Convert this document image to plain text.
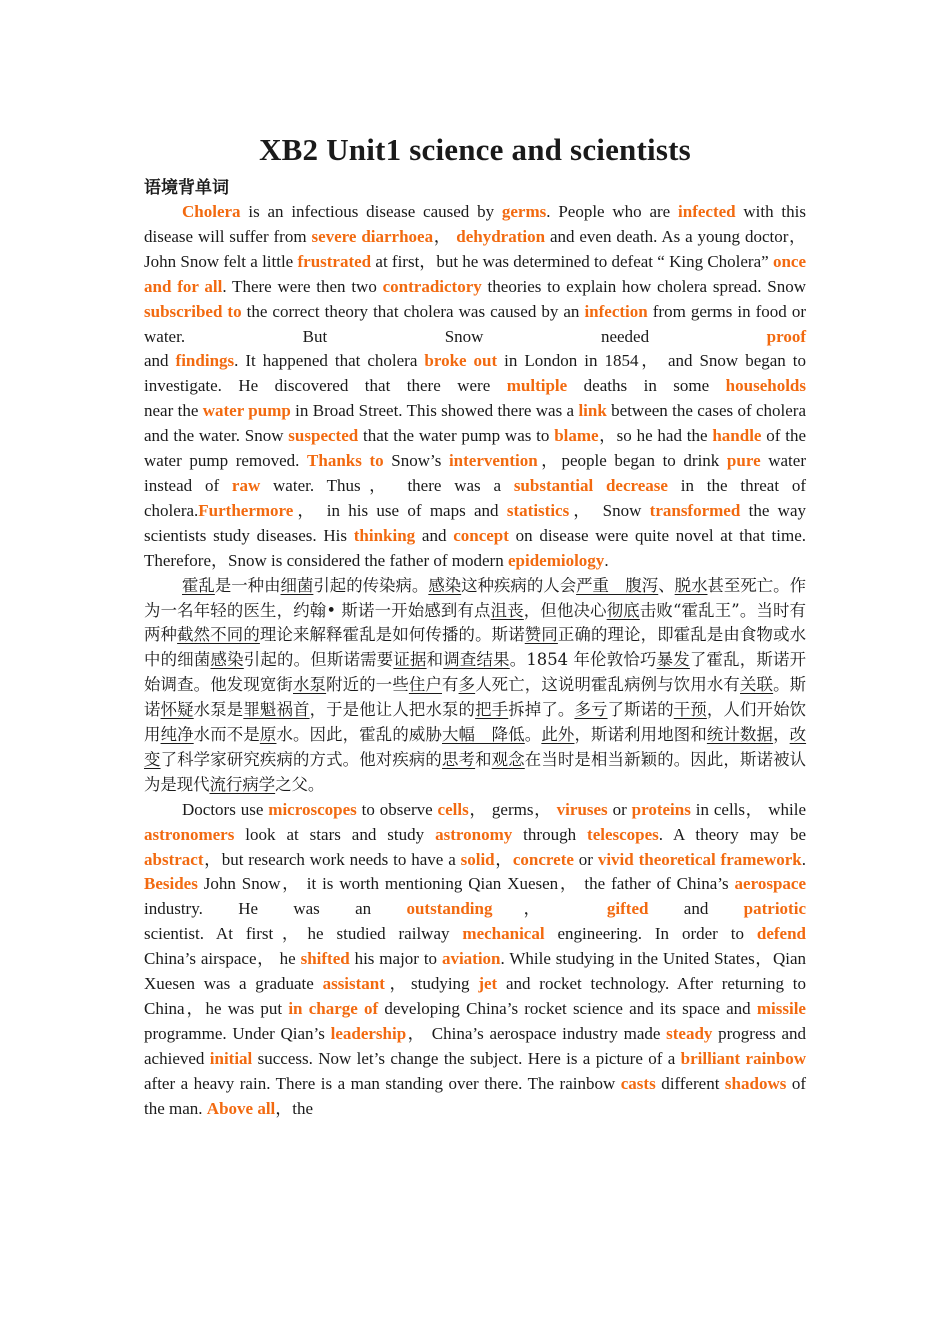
XB2 Unit1 science and scientists

语境背单词

Cholera is an infectious disease caused by germs. People who are infected with this disease will suffer from severe diarrhoea， dehydration and even death. As a young doctor，John Snow felt a little frustrated at first，but he was determined to defeat “ King Cholera” once and for all. There were then two contradictory theories to explain how cholera spread. Snow subscribed to the correct theory that cholera was caused by an infection from germs in food or water. But Snow needed proof

and findings. It happened that cholera broke out in London in 1854， and Snow began to investigate. He discovered that there were multiple deaths in some households

near the water pump in Broad Street. This showed there was a link between the cases of cholera and the water. Snow suspected that the water pump was to blame，so he had the handle of the water pump removed. Thanks to Snow’s intervention，people began to drink pure water instead of raw water. Thus， there was a substantial decrease in the threat of cholera.Furthermore， in his use of maps and statistics， Snow transformed the way scientists study diseases. His thinking and concept on disease were quite novel at that time. Therefore，Snow is considered the father of modern epidemiology.

霍乱是一种由细菌引起的传染病。感染这种疾病的人会严重　腹泻、脱水甚至死亡。作为一名年轻的医生，约翰• 斯诺一开始感到有点沮丧，但他决心彻底击败“霍乱王”。当时有两种截然不同的理论来解释霍乱是如何传播的。斯诺赞同正确的理论，即霍乱是由食物或水中的细菌感染引起的。但斯诺需要证据和调查结果。1854 年伦敦恰巧暴发了霍乱，斯诺开始调查。他发现宽街水泵附近的一些住户有多人死亡，这说明霍乱病例与饮用水有关联。斯诺怀疑水泵是罪魁祸首，于是他让人把水泵的把手拆掉了。多亏了斯诺的干预，人们开始饮用纯净水而不是原水。因此，霍乱的威胁大幅　降低。此外，斯诺利用地图和统计数据，改变了科学家研究疾病的方式。他对疾病的思考和观念在当时是相当新颖的。因此，斯诺被认为是现代流行病学之父。

Doctors use microscopes to observe cells， germs， viruses or proteins in cells， while astronomers look at stars and study astronomy through telescopes. A theory may be abstract，but research work needs to have a solid，concrete or vivid theoretical framework. Besides John Snow， it is worth mentioning Qian Xuesen， the father of China’s aerospace industry. He was an outstanding， gifted and patriotic

scientist. At first，he studied railway mechanical engineering. In order to defend

China’s airspace， he shifted his major to aviation. While studying in the United States，Qian Xuesen was a graduate assistant，studying jet and rocket technology. After returning to China，he was put in charge of developing China’s rocket science and its space and missile programme. Under Qian’s leadership， China’s aerospace industry made steady progress and achieved initial success. Now let’s change the subject. Here is a picture of a brilliant rainbow after a heavy rain. There is a man standing over there. The rainbow casts different shadows of the man. Above all，the
